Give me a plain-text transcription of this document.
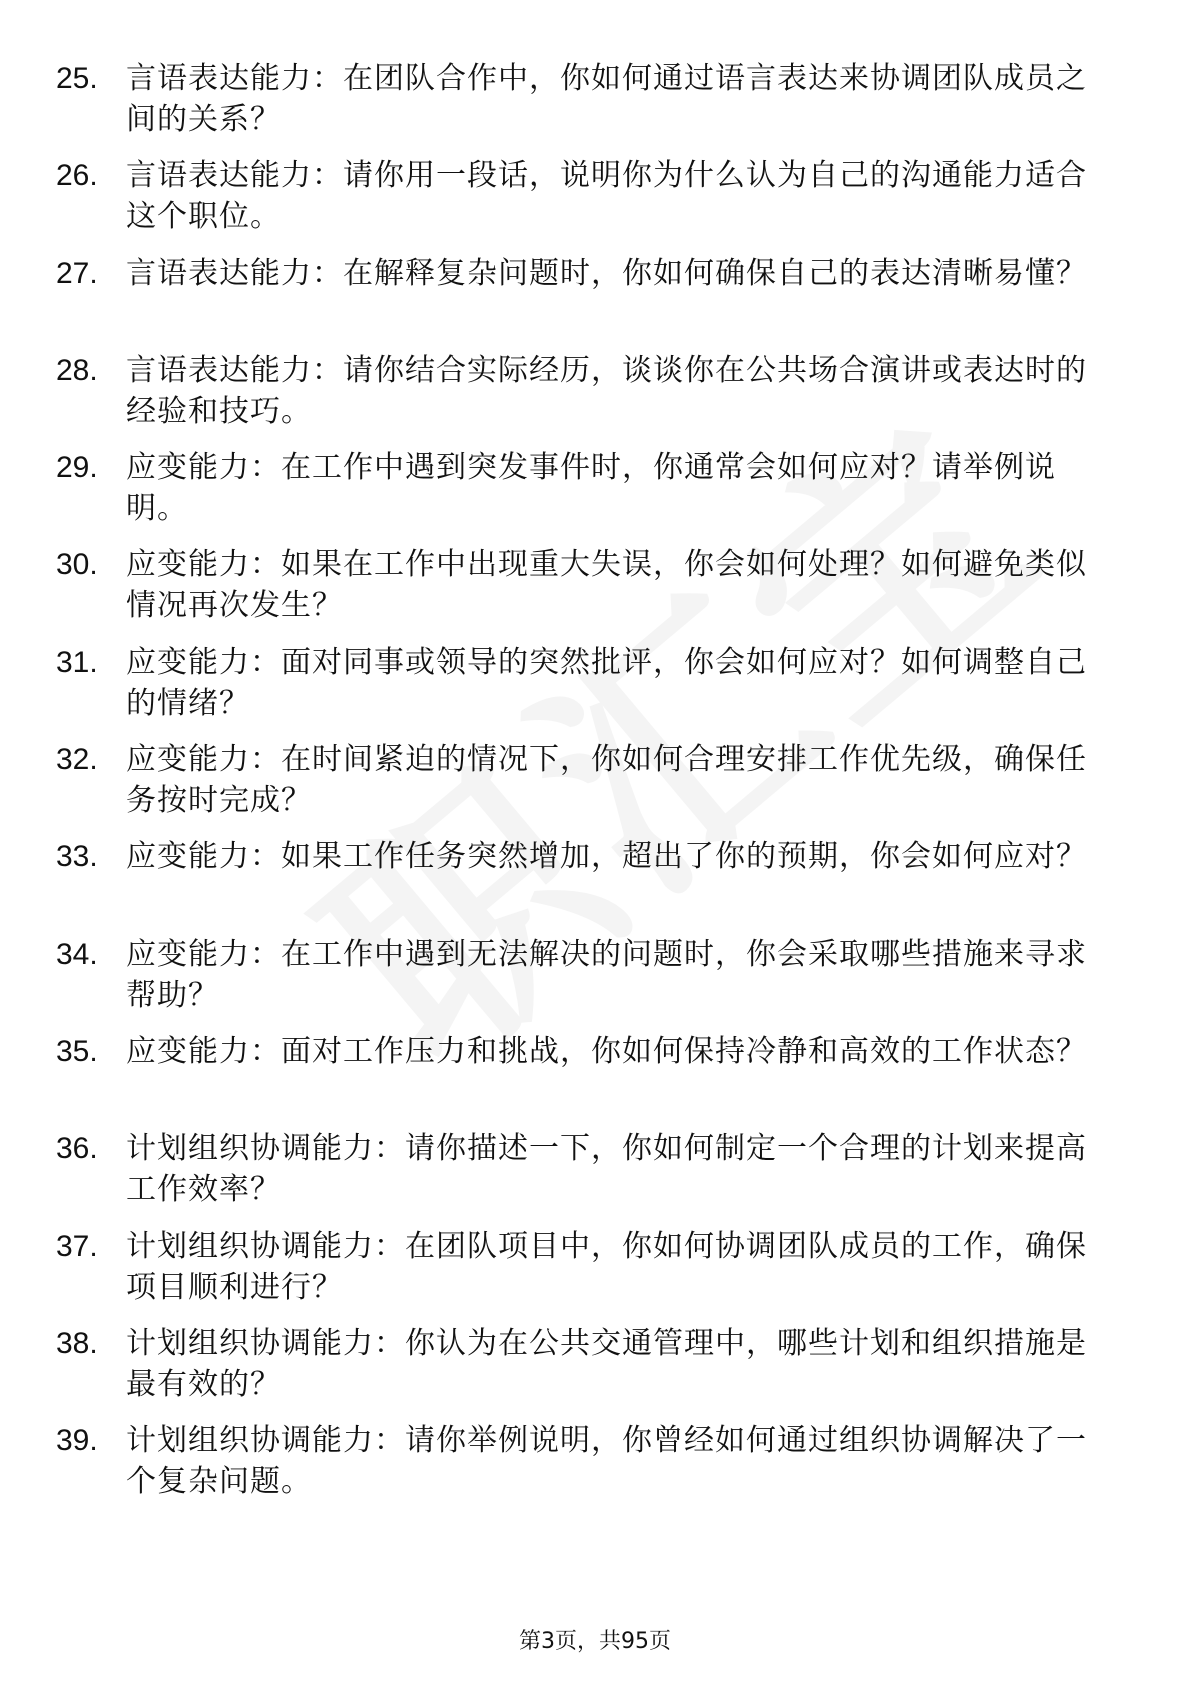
25. 言语表达能力：在团队合作中，你如何通过语言表达来协调团队成员之间的关系？
26. 言语表达能力：请你用一段话，说明你为什么认为自己的沟通能力适合这个职位。
27. 言语表达能力：在解释复杂问题时，你如何确保自己的表达清晰易懂？
28. 言语表达能力：请你结合实际经历，谈谈你在公共场合演讲或表达时的经验和技巧。
29. 应变能力：在工作中遇到突发事件时，你通常会如何应对？请举例说明。
30. 应变能力：如果在工作中出现重大失误，你会如何处理？如何避免类似情况再次发生？
31. 应变能力：面对同事或领导的突然批评，你会如何应对？如何调整自己的情绪？
32. 应变能力：在时间紧迫的情况下，你如何合理安排工作优先级，确保任务按时完成？
33. 应变能力：如果工作任务突然增加，超出了你的预期，你会如何应对？
34. 应变能力：在工作中遇到无法解决的问题时，你会采取哪些措施来寻求帮助？
35. 应变能力：面对工作压力和挑战，你如何保持冷静和高效的工作状态？
36. 计划组织协调能力：请你描述一下，你如何制定一个合理的计划来提高工作效率？
37. 计划组织协调能力：在团队项目中，你如何协调团队成员的工作，确保项目顺利进行？
38. 计划组织协调能力：你认为在公共交通管理中，哪些计划和组织措施是最有效的？
39. 计划组织协调能力：请你举例说明，你曾经如何通过组织协调解决了一个复杂问题。
第3页，共95页
